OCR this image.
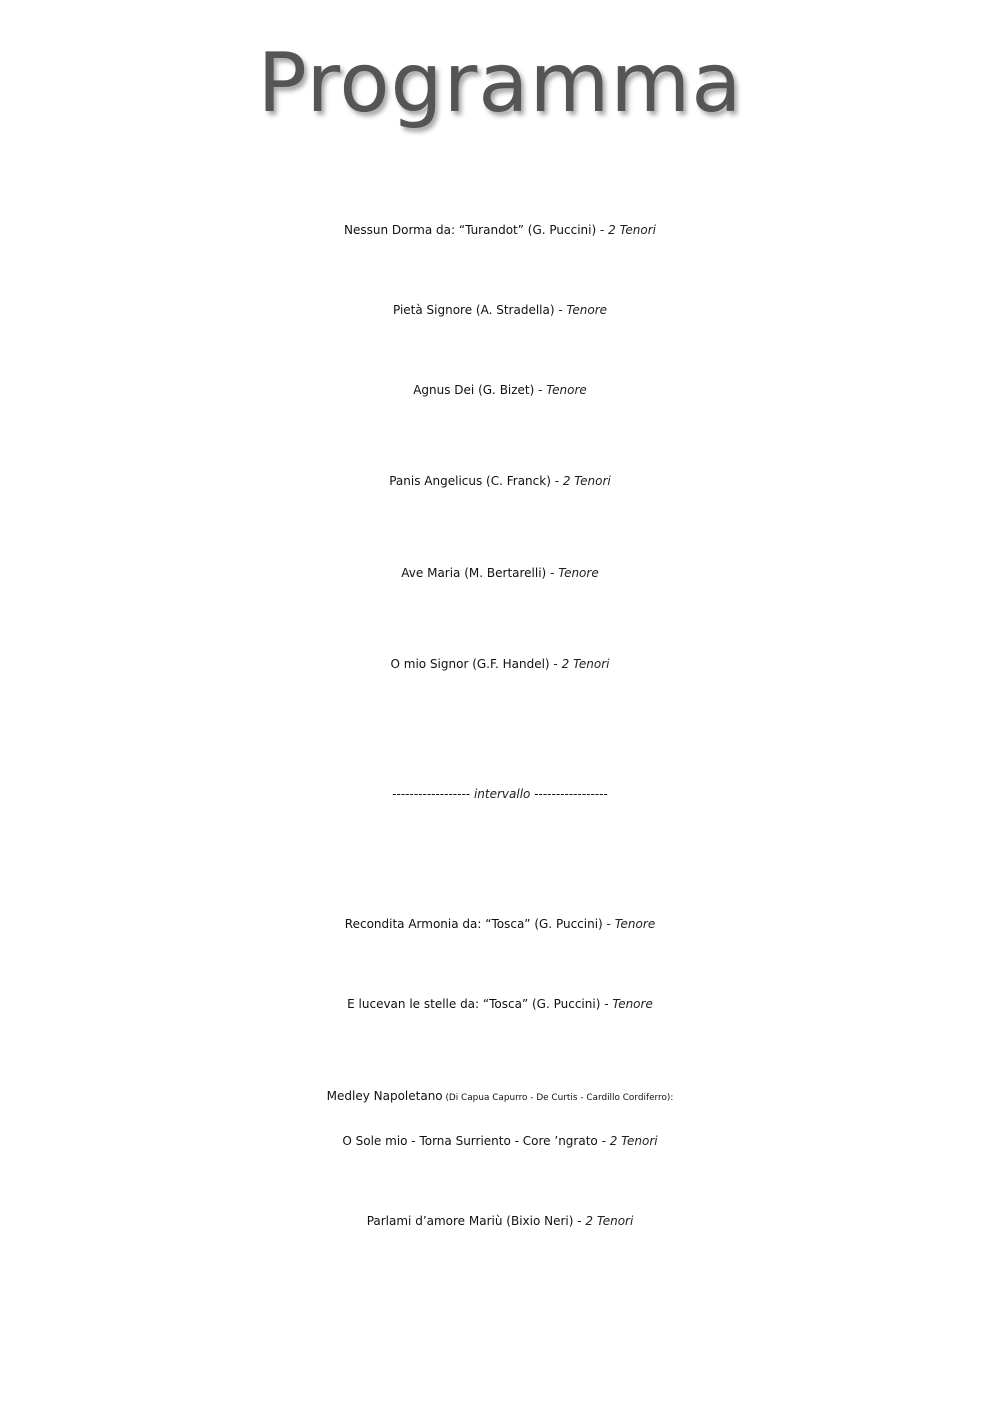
Programma
Nessun Dorma da: “Turandot” (G. Puccini) - 2 Tenori
Pietà Signore (A. Stradella) - Tenore
Agnus Dei (G. Bizet) - Tenore
Panis Angelicus (C. Franck) - 2 Tenori
Ave Maria (M. Bertarelli) - Tenore
O mio Signor (G.F. Handel) - 2 Tenori
------------------ intervallo -----------------
Recondita Armonia da: “Tosca” (G. Puccini) - Tenore
E lucevan le stelle da: “Tosca” (G. Puccini) - Tenore
Medley Napoletano (Di Capua Capurro - De Curtis - Cardillo Cordiferro):
O Sole mio - Torna Surriento - Core ’ngrato - 2 Tenori
Parlami d’amore Mariù (Bixio Neri) - 2 Tenori
